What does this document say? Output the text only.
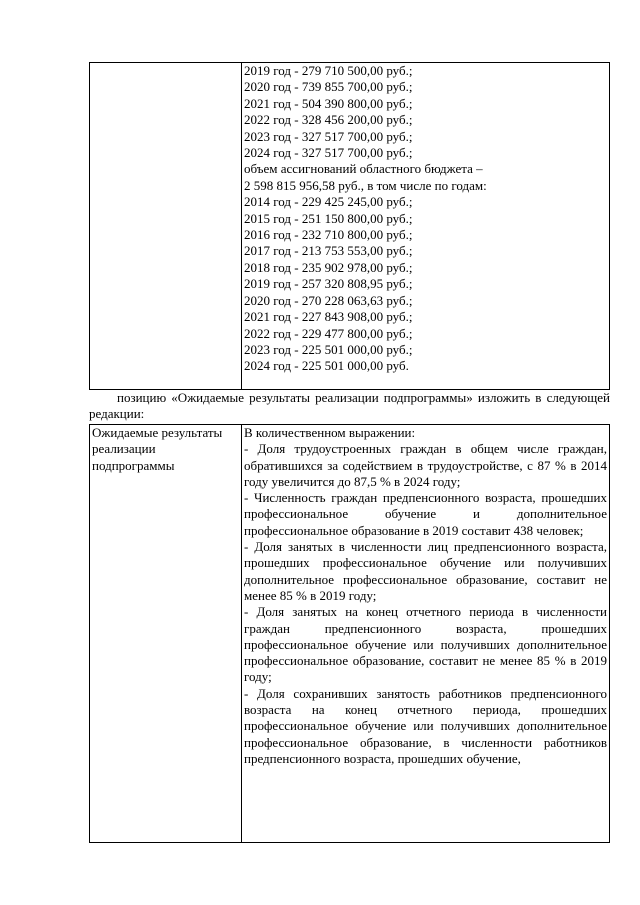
2019 год - 279 710 500,00 руб.;
2020 год - 739 855 700,00 руб.;
2021 год - 504 390 800,00 руб.;
2022 год - 328 456 200,00 руб.;
2023 год - 327 517 700,00 руб.;
2024 год - 327 517 700,00 руб.;
объем ассигнований областного бюджета –
2 598 815 956,58 руб., в том числе по годам:
2014 год - 229 425 245,00 руб.;
2015 год - 251 150 800,00 руб.;
2016 год - 232 710 800,00 руб.;
2017 год - 213 753 553,00 руб.;
2018 год - 235 902 978,00 руб.;
2019 год - 257 320 808,95 руб.;
2020 год - 270 228 063,63 руб.;
2021 год - 227 843 908,00 руб.;
2022 год - 229 477 800,00 руб.;
2023 год - 225 501 000,00 руб.;
2024 год - 225 501 000,00 руб.
позицию «Ожидаемые результаты реализации подпрограммы» изложить в следующей редакции:
Ожидаемые результаты реализации подпрограммы

В количественном выражении:

- Доля трудоустроенных граждан в общем числе граждан, обратившихся за содействием в трудоустройстве, с 87 % в 2014 году увеличится до 87,5 % в 2024 году;

- Численность граждан предпенсионного возраста, прошедших профессиональное обучение и дополнительное профессиональное образование в 2019 составит 438 человек;

- Доля занятых в численности лиц предпенсионного возраста, прошедших профессиональное обучение или получивших дополнительное профессиональное образование, составит не менее 85 % в 2019 году;

- Доля занятых на конец отчетного периода в численности граждан предпенсионного возраста, прошедших профессиональное обучение или получивших дополнительное профессиональное образование, составит не менее 85 % в 2019 году;

- Доля сохранивших занятость работников предпенсионного возраста на конец отчетного периода, прошедших профессиональное обучение или получивших дополнительное профессиональное образование, в численности работников предпенсионного возраста, прошедших обучение,
